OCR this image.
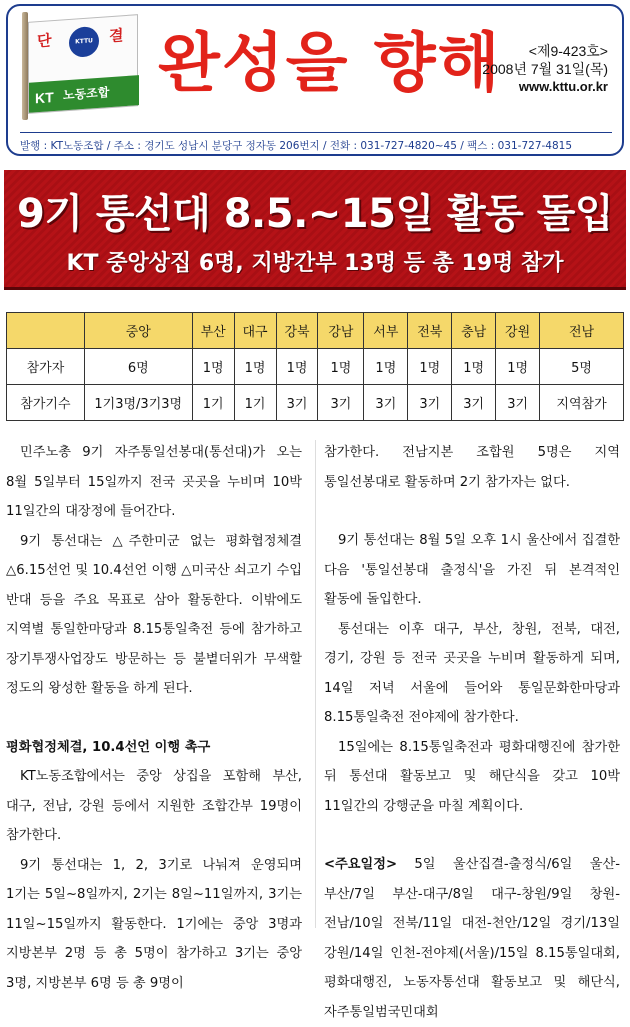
단	KTTU	결
KT 노동조합 완성을 향해	<제9-423호>
2008년 7월 31일(목)
www.kttu.or.kr
발행 : KT노동조합 / 주소 : 경기도 성남시 분당구 정자동 206번지 / 전화 : 031-727-4820~45 / 팩스 : 031-727-4815
9기 통선대 8.5.~15일 활동 돌입
KT 중앙상집 6명, 지방간부 13명 등 총 19명 참가
	중앙	부산	대구	강북	강남	서부	전북	충남	강원	전남
참가자	6명	1명	1명	1명	1명	1명	1명	1명	1명	5명
참가기수	1기3명/3기3명	1기	1기	3기	3기	3기	3기	3기	3기	지역참가

민주노총 9기 자주통일선봉대(통선대)가 오는 8월 5일부터 15일까지 전국 곳곳을 누비며 10박 11일간의 대장정에 들어간다.

9기 통선대는 △주한미군 없는 평화협정체결 △6.15선언 및 10.4선언 이행 △미국산 쇠고기 수입 반대 등을 주요 목표로 삼아 활동한다. 이밖에도 지역별 통일한마당과 8.15통일축전 등에 참가하고 장기투쟁사업장도 방문하는 등 불볕더위가 무색할 정도의 왕성한 활동을 하게 된다.

평화협정체결, 10.4선언 이행 촉구

KT노동조합에서는 중앙 상집을 포함해 부산, 대구, 전남, 강원 등에서 지원한 조합간부 19명이 참가한다.

9기 통선대는 1, 2, 3기로 나눠져 운영되며 1기는 5일~8일까지, 2기는 8일~11일까지, 3기는 11일~15일까지 활동한다. 1기에는 중앙 3명과 지방본부 2명 등 총 5명이 참가하고 3기는 중앙 3명, 지방본부 6명 등 총 9명이

참가한다. 전남지본 조합원 5명은 지역 통일선봉대로 활동하며 2기 참가자는 없다.

9기 통선대는 8월 5일 오후 1시 울산에서 집결한 다음 '통일선봉대 출정식'을 가진 뒤 본격적인 활동에 돌입한다.

통선대는 이후 대구, 부산, 창원, 전북, 대전, 경기, 강원 등 전국 곳곳을 누비며 활동하게 되며, 14일 저녁 서울에 들어와 통일문화한마당과 8.15통일축전 전야제에 참가한다.

15일에는 8.15통일축전과 평화대행진에 참가한 뒤 통선대 활동보고 및 해단식을 갖고 10박 11일간의 강행군을 마칠 계획이다.

<주요일정> 5일 울산집결-출정식/6일 울산-부산/7일 부산-대구/8일 대구-창원/9일 창원-전남/10일 전북/11일 대전-천안/12일 경기/13일 강원/14일 인천-전야제(서울)/15일 8.15통일대회, 평화대행진, 노동자통선대 활동보고 및 해단식, 자주통일범국민대회
